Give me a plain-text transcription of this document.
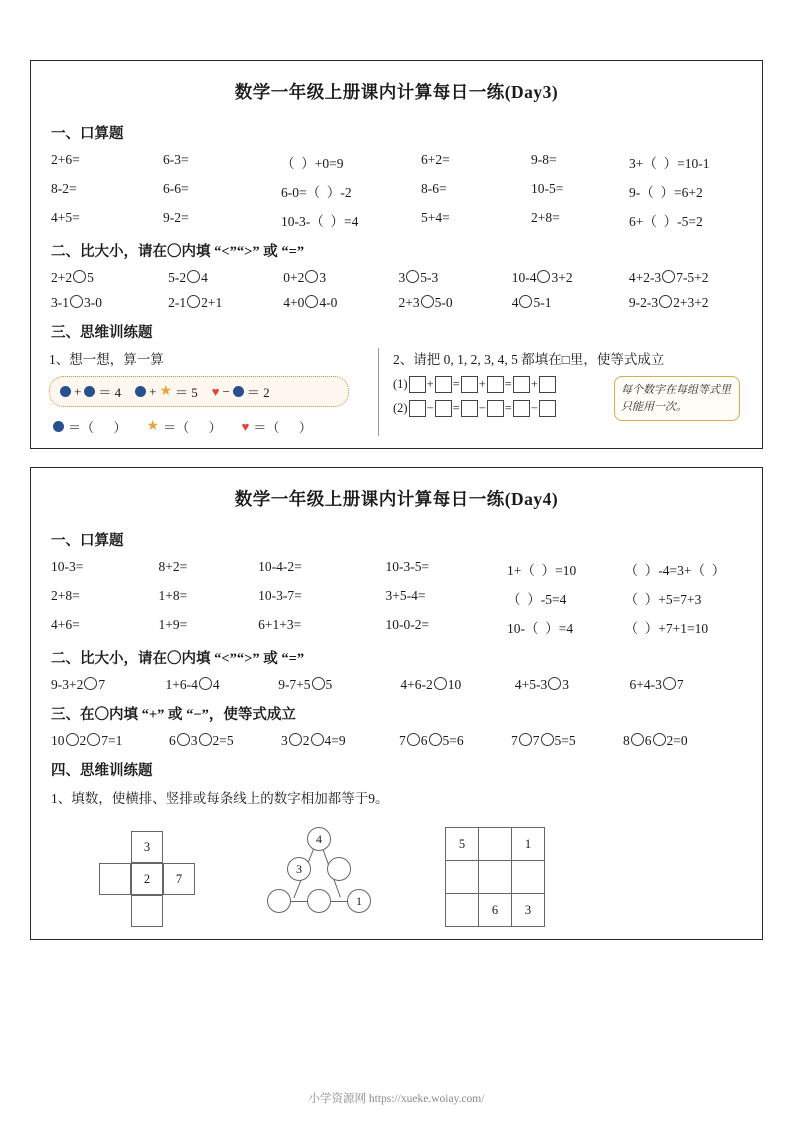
数学一年级上册课内计算每日一练(Day3)
一、口算题
2+6=	6-3=	（  ）+0=9	6+2=	9-8=	3+（  ）=10-1
8-2=	6-6=	6-0=（  ）-2	8-6=	10-5=	9-（  ）=6+2
4+5=	9-2=	10-3-（  ）=4	5+4=	2+8=	6+（  ）-5=2
二、比大小，请在〇内填 “<”“>” 或 “=”
2+2 5	5-2 4	0+2 3	3 5-3	10-4 3+2	4+2-3 7-5+2
3-1 3-0	2-1 2+1	4+0 4-0	2+3 5-0	4 5-1	9-2-3 2+3+2
三、思维训练题
1、想一想，算一算
+ ＝ 4 + ★ ＝ 5 ♥ − ＝ 2
＝（      ） ★ ＝（      ） ♥ ＝（      ）
2、请把 0, 1, 2, 3, 4, 5 都填在□里，使等式成立
(1) + = + = +
(2) − = − = −
每个数字在每组等式里只能用一次。
数学一年级上册课内计算每日一练(Day4)
一、口算题
10-3=	8+2=	10-4-2=	10-3-5=	1+（  ）=10	（  ）-4=3+（  ）
2+8=	1+8=	10-3-7=	3+5-4=	（  ）-5=4	（  ）+5=7+3
4+6=	1+9=	6+1+3=	10-0-2=	10-（  ）=4	（  ）+7+1=10
二、比大小，请在〇内填 “<”“>” 或 “=”
9-3+2 7	1+6-4 4	9-7+5 5	4+6-2 10	4+5-3 3	6+4-3 7
三、在〇内填 “+” 或 “−”，使等式成立
10 2 7=1	6 3 2=5	3 2 4=9	7 6 5=6	7 7 5=5	8 6 2=0
四、思维训练题
1、填数，使横排、竖排或每条线上的数字相加都等于9。
3
2	7
4
3
1
5		1

	6	3
小学资源网 https://xueke.woiay.com/
